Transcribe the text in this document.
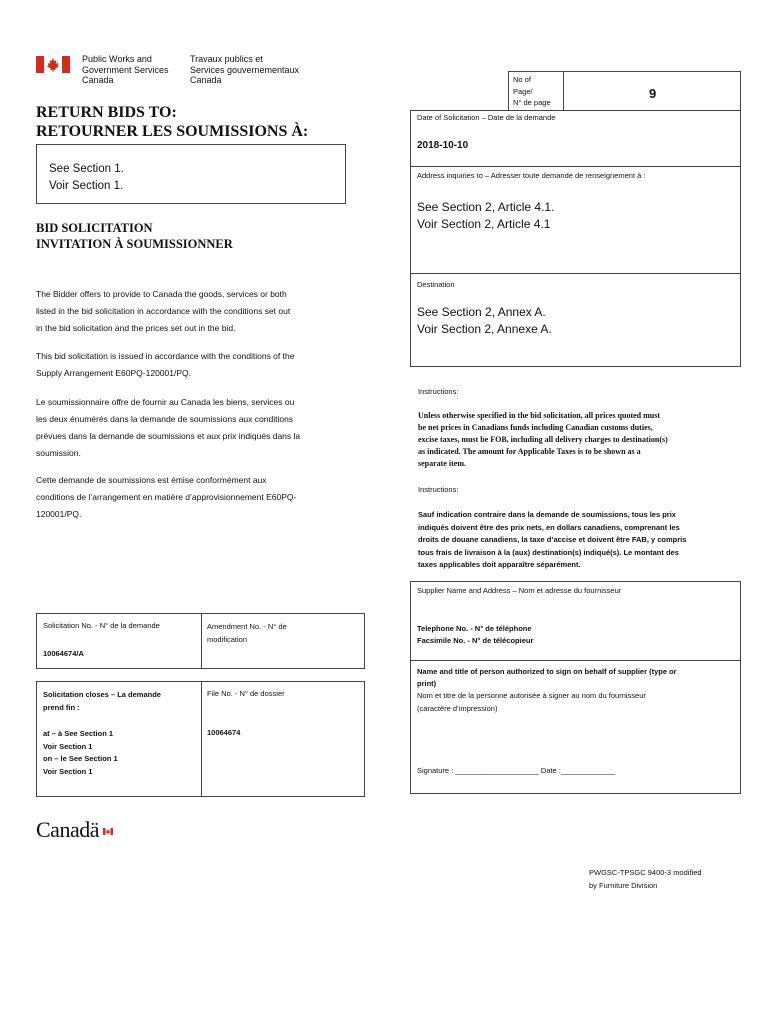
Public Works and
Government Services
Canada
Travaux publics et
Services gouvernementaux
Canada
RETURN BIDS TO:
RETOURNER LES SOUMISSIONS À:
See Section 1.
Voir Section 1.
BID SOLICITATION
INVITATION À SOUMISSIONNER
The Bidder offers to provide to Canada the goods, services or both
listed in the bid solicitation in accordance with the conditions set out
in the bid solicitation and the prices set out in the bid.
This bid solicitation is issued in accordance with the conditions of the
Supply Arrangement E60PQ-120001/PQ.
Le soumissionnaire offre de fournir au Canada les biens, services ou
les deux énumérés dans la demande de soumissions aux conditions
prévues dans la demande de soumissions et aux prix indiqués dans la
soumission.
Cette demande de soumissions est émise conformément aux
conditions de l’arrangement en matière d’approvisionnement E60PQ-
120001/PQ.
No of
Page/
N° de page
9
Date of Solicitation – Date de la demande
2018-10-10
Address inquiries to – Adresser toute demande de renseignement à :
See Section 2, Article 4.1.
Voir Section 2, Article 4.1
Destination
See Section 2, Annex A.
Voir Section 2, Annexe A.
Instructions:
Unless otherwise specified in the bid solicitation, all prices quoted must
be net prices in Canadians funds including Canadian customs duties,
excise taxes, must be FOB, including all delivery charges to destination(s)
as indicated. The amount for Applicable Taxes is to be shown as a
separate item.
Instructions:
Sauf indication contraire dans la demande de soumissions, tous les prix
indiqués doivent être des prix nets, en dollars canadiens, comprenant les
droits de douane canadiens, la taxe d’accise et doivent être FAB, y compris
tous frais de livraison à la (aux) destination(s) indiqué(s). Le montant des
taxes applicables doit apparaître séparément.
Supplier Name and Address – Nom et adresse du fournisseur
Telephone No. - N° de téléphone
Facsimile No. - N° de télécopieur
Name and title of person authorized to sign on behalf of supplier (type or
print)
Nom et titre de la personne autorisée à signer au nom du fournisseur
(caractère d’impression)
Signature : ____________________ Date :_____________
Solicitation No. - N° de la demande
10064674/A
Amendment No. - N° de
modification
Solicitation closes – La demande
prend fin :
at – à See Section 1
Voir Section 1
on – le See Section 1
Voir Section 1
File No. - N° de dossier
10064674
Canadä
PWGSC-TPSGC 9400-3 modified
by Furniture Division
